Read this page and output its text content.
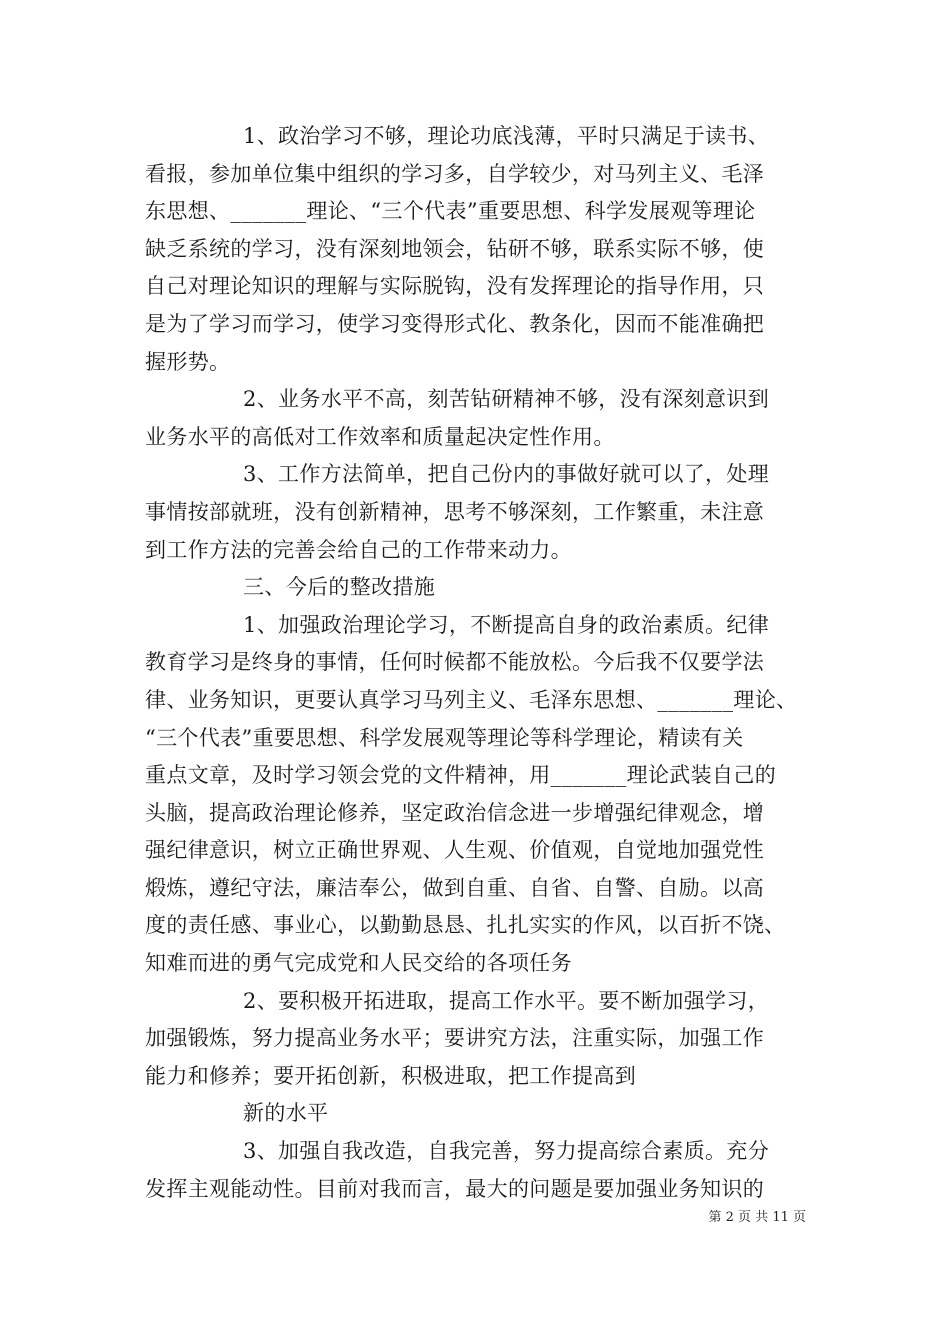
1、政治学习不够，理论功底浅薄，平时只满足于读书、
看报，参加单位集中组织的学习多，自学较少，对马列主义、毛泽
东思想、_______理论、“三个代表”重要思想、科学发展观等理论
缺乏系统的学习，没有深刻地领会，钻研不够，联系实际不够，使
自己对理论知识的理解与实际脱钩，没有发挥理论的指导作用，只
是为了学习而学习，使学习变得形式化、教条化，因而不能准确把
握形势。
2、业务水平不高，刻苦钻研精神不够，没有深刻意识到
业务水平的高低对工作效率和质量起决定性作用。
3、工作方法简单，把自己份内的事做好就可以了，处理
事情按部就班，没有创新精神，思考不够深刻，工作繁重，未注意
到工作方法的完善会给自己的工作带来动力。
三、今后的整改措施
1、加强政治理论学习，不断提高自身的政治素质。纪律
教育学习是终身的事情，任何时候都不能放松。今后我不仅要学法
律、业务知识，更要认真学习马列主义、毛泽东思想、_______理论、
“三个代表”重要思想、科学发展观等理论等科学理论，精读有关
重点文章，及时学习领会党的文件精神，用_______理论武装自己的
头脑，提高政治理论修养，坚定政治信念进一步增强纪律观念，增
强纪律意识，树立正确世界观、人生观、价值观，自觉地加强党性
煅炼，遵纪守法，廉洁奉公，做到自重、自省、自警、自励。以高
度的责任感、事业心，以勤勤恳恳、扎扎实实的作风，以百折不饶、
知难而进的勇气完成党和人民交给的各项任务
2、要积极开拓进取，提高工作水平。要不断加强学习，
加强锻炼，努力提高业务水平；要讲究方法，注重实际，加强工作
能力和修养；要开拓创新，积极进取，把工作提高到
新的水平
3、加强自我改造，自我完善，努力提高综合素质。充分
发挥主观能动性。目前对我而言，最大的问题是要加强业务知识的
第 2 页 共 11 页
